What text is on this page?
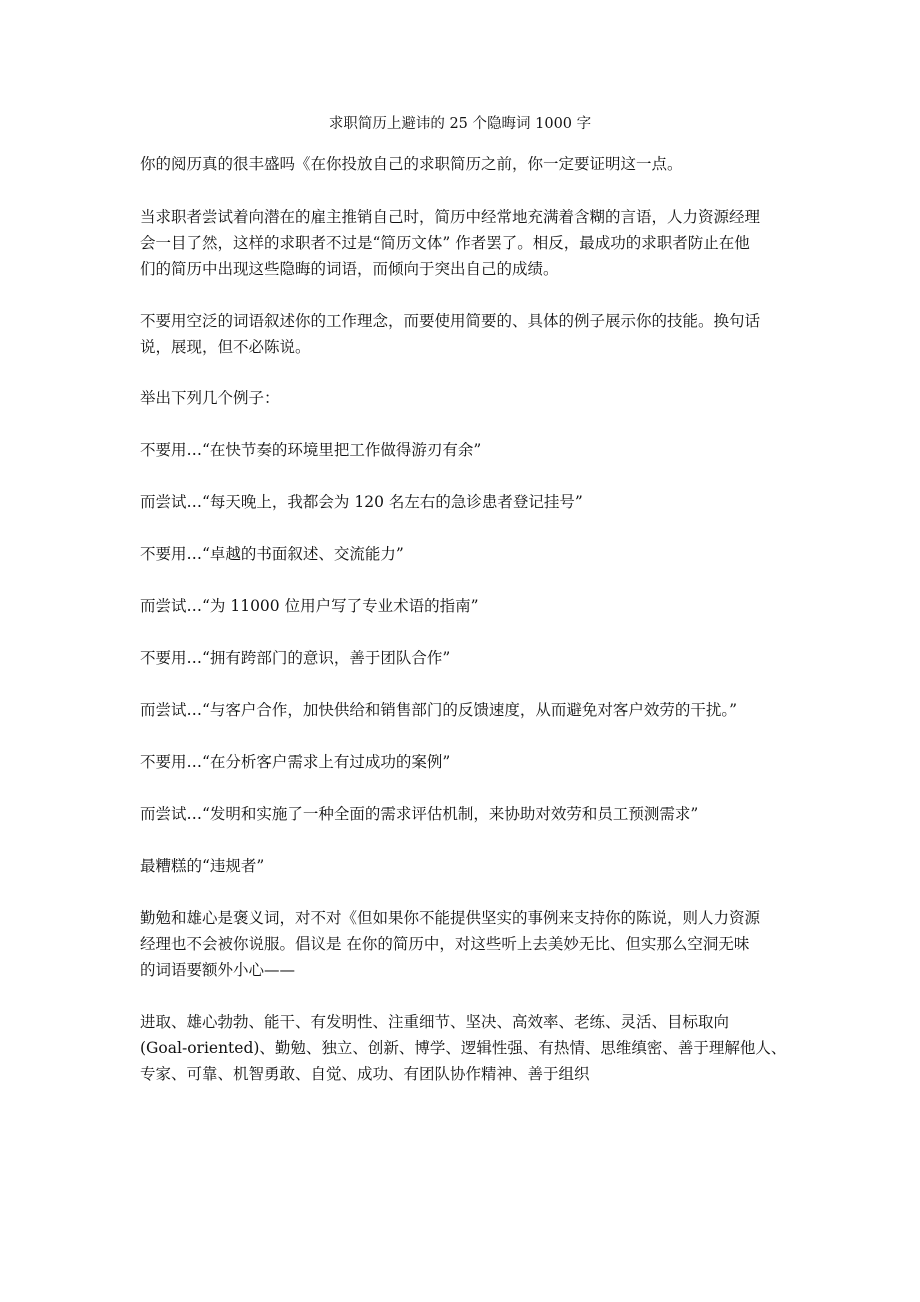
求职简历上避讳的 25 个隐晦词 1000 字

你的阅历真的很丰盛吗《在你投放自己的求职简历之前，你一定要证明这一点。

当求职者尝试着向潜在的雇主推销自己时，简历中经常地充满着含糊的言语，人力资源经理
会一目了然，这样的求职者不过是“简历文体” 作者罢了。相反，最成功的求职者防止在他
们的简历中出现这些隐晦的词语，而倾向于突出自己的成绩。

不要用空泛的词语叙述你的工作理念，而要使用简要的、具体的例子展示你的技能。换句话
说，展现，但不必陈说。

举出下列几个例子：

不要用…“在快节奏的环境里把工作做得游刃有余”

而尝试…“每天晚上，我都会为 120 名左右的急诊患者登记挂号”

不要用…“卓越的书面叙述、交流能力”

而尝试…“为 11000 位用户写了专业术语的指南”

不要用…“拥有跨部门的意识，善于团队合作”

而尝试…“与客户合作，加快供给和销售部门的反馈速度，从而避免对客户效劳的干扰。”

不要用…“在分析客户需求上有过成功的案例”

而尝试…“发明和实施了一种全面的需求评估机制，来协助对效劳和员工预测需求”

最糟糕的“违规者”

勤勉和雄心是褒义词，对不对《但如果你不能提供坚实的事例来支持你的陈说，则人力资源
经理也不会被你说服。倡议是 在你的简历中，对这些听上去美妙无比、但实那么空洞无味
的词语要额外小心——

进取、雄心勃勃、能干、有发明性、注重细节、坚决、高效率、老练、灵活、目标取向
(Goal-oriented)、勤勉、独立、创新、博学、逻辑性强、有热情、思维缜密、善于理解他人、
专家、可靠、机智勇敢、自觉、成功、有团队协作精神、善于组织
